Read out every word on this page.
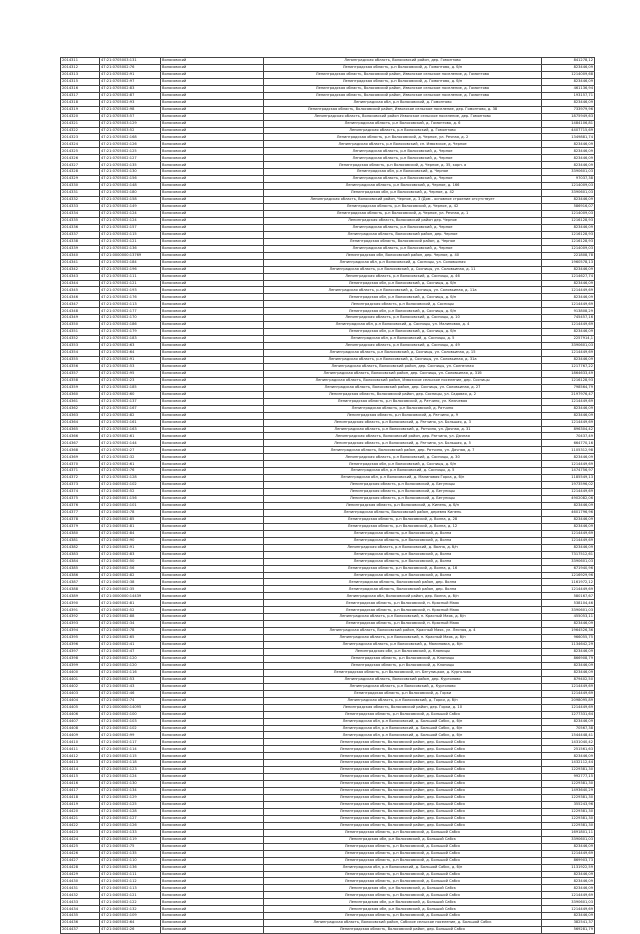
2014311	47:21:0705003:131	Волосовский	Ленинградская область, Волосовский район, дер. Гомонтово	841278,12
2014312	47:21:0705002:76	Волосовский	Ленинградская область, р-н Волосовский, д. Гомонтово, д. б/н	823446,09
2014313	47:21:0705002:91	Волосовский	Ленинградская область, Волосовский район, Извозское сельское поселение, д. Гомонтово	1214009,68
2014315	47:21:0705002:97	Волосовский	Ленинградская область, р-н Волосовский, д. Гомонтово, д. б/н	823446,09
2014316	47:21:0705002:83	Волосовский	Ленинградская область, Волосовский район, Извозское сельское поселение, д. Гомонтово	461136,94
2014317	47:21:0705002:87	Волосовский	Ленинградская область, Волосовский район, Извозское сельское поселение, д. Гомонтово	193157,71
2014318	47:21:0705002:93	Волосовский	Ленинградская обл, р-н Волосовский, д. Гомонтово	823446,09
2014319	47:21:0705002:98	Волосовский	Ленинградская область, Волосовский район, Извозское сельское поселение, дер. Гомонтово, д. 38	733979,96
2014320	47:21:0705003:57	Волосовский	Ленинградская область, Волосовский район Извозское сельское поселение, дер. Гомонтово	1875949,63
2014321	47:21:0705003:129	Волосовский	Ленинградская область, р-н Волосовский, д. Гомонтово, д. 6	1484106,81
2014322	47:21:0705003:52	Волосовский	Ленинградская область, р-н Волосовский, д. Гомонтово	4407715,69
2014323	47:21:0705002:168	Волосовский	Ленинградская область, р-н Волосовский, д. Черное, ул. Речная, д. 2	1349881,74
2014324	47:21:0705002:126	Волосовский	Ленинградская область, р-н Волосовский, сп. Извозское, д. Черное	823446,09
2014325	47:21:0705002:125	Волосовский	Ленинградская область, р-н Волосовский, д. Черное	823446,09
2014326	47:21:0705002:127	Волосовский	Ленинградская область, р-н Волосовский, д. Черное	823446,09
2014327	47:21:0705002:135	Волосовский	Ленинградская область, р-н Волосовский, д. Черное, д. 35, корп. а	823446,09
2014328	47:21:0705002:130	Волосовский	Ленинградская обл, р-н Волосовский, д. Черное	3390601,03
2014329	47:21:0705002:156	Волосовский	Ленинградская область, р-н Волосовский, д. Черное	97037,38
2014330	47:21:0705002:148	Волосовский	Ленинградская область, р-н Волосовский, д. Черное, д. 166	1214009,03
2014331	47:21:0705002:180	Волосовский	Ленинградская обл, р-н Волосовский, д. Черное, д. 42	3390601,03
2014332	47:21:0705002:158	Волосовский	Ленинградская область, Волосовский район, Черное, д. 3 (Дом - основное строение отсутствует	823446,09
2014333	47:21:0705002:149	Волосовский	Ленинградская область, р-н Волосовский, д. Черное, д. 42	586916,07
2014334	47:21:0705002:124	Волосовский	Ленинградская область, р-н Волосовский, д. Черное, ул. Речная, д. 1	1214009,03
2014335	47:21:0705002:124	Волосовский	Ленинградская область, Волосовский район дер. Черное	1216128,93
2014336	47:21:0705002:157	Волосовский	Ленинградская область, р-н Волосовский, д. Черное	823446,09
2014337	47:21:0705002:115	Волосовский	Ленинградская область, Волосовский район, дер. Черное	1216128,93
2014338	47:21:0705002:121	Волосовский	Ленинградская область, Волосовский район, д. Черное	1216128,93
2014339	47:21:0705002:136	Волосовский	Ленинградская область, р-н Волосовский, д. Черное	1214009,03
2014340	47:21:0000000:13769	Волосовский	Ленинградская обл, Волосовский район, дер. Черное, д. 40	221808,78
2014341	47:21:0705002:184	Волосовский	Ленинградская обл, р-н Волосовский, д. Сосницы, ул. Соловьиная	1960578,13
2014342	47:21:0705002:196	Волосовский	Ленинградская область, р-н Волосовский, д. Сосницы, ул. Соловьиная, д. 11	823446,09
2014343	47:21:0705002:111	Волосовский	Ленинградская область, р-н Волосовский, д. Сосницы, д. 46	1214627,74
2014344	47:21:0705002:121	Волосовский	Ленинградская обл, р-н Волосовский, д. Сосницы, д. б/н	823446,09
2014345	47:21:0705002:193	Волосовский	Ленинградская область, р-н Волосовский, д. Сосницы, ул. Соловьиная, д. 11а	1214449,69
2014346	47:21:0705002:176	Волосовский	Ленинградская обл, р-н Волосовский, д. Сосницы, д. б/н	823446,09
2014347	47:21:0705002:113	Волосовский	Ленинградская область, р-н Волосовский, д. Сосницы	1214449,69
2014348	47:21:0705002:177	Волосовский	Ленинградская обл, р-н Волосовский, д. Сосницы, д. б/н	913808,29
2014349	47:21:0705002:170	Волосовский	Ленинградская область, р-н Волосовский, д. Сосницы, д. 10	745457,16
2014350	47:21:0705002:186	Волосовский	Ленинградская обл, р-н Волосовский, д. Сосницы, ул. Малиновая, д. 4	1214449,69
2014351	47:21:0705002:179	Волосовский	Ленинградская обл, р-н Волосовский, д. Сосницы, д. б/н	823446,09
2014352	47:21:0705002:183	Волосовский	Ленинградская обл, р-н Волосовский, д. Сосницы, д. 5	2257914,1
2014353	47:21:0705002:63	Волосовский	Ленинградская область, р-н Волосовский, д. Сосницы, д. 49	3390601,03
2014354	47:21:0705002:64	Волосовский	Ленинградская область, р-н Волосовский, д. Сосницы, ул. Соловьиная, д. 15	1214449,69
2014355	47:21:0705002:91	Волосовский	Ленинградская область, р-н Волосовский, д. Сосницы, ул. Соловьиная, д. 31а	823446,09
2014356	47:21:0705002:53	Волосовский	Ленинградская область, Волосовский район, дер. Сосницы, ул. Солнечная	1217767,22
2014357	47:21:0705002:95	Волосовский	Ленинградская область, Волосовский район, дер. Сосницы, ул. Соловьиная, д. 31б	1864633,49
2014358	47:21:0705002:23	Волосовский	Ленинградская область, Волосовский район, Извозское сельское поселение, дер. Сосницы	1216128,93
2014359	47:21:0705002:185	Волосовский	Ленинградская область, Волосовский район, дер. Сосницы, ул. Соловьиная, д. 27	798564,79
2014360	47:21:0705002:60	Волосовский	Ленинградская область, Волосовский район, дер. Сосницы, ул. Садовая, д. 2	2197976,47
2014361	47:21:0705002:137	Волосовский	Ленинградская область, р-н Волосовский, д. Ратчино, ул. Ключевая	1214449,69
2014362	47:21:0705002:167	Волосовский	Ленинградская область, р-н Волосовский, д. Ратчино	823446,09
2014363	47:21:0705002:82	Волосовский	Ленинградская область, р-н Волосовский, д. Ратчино, д. 9	823446,09
2014364	47:21:0705002:161	Волосовский	Ленинградская область, р-н Волосовский, д. Ратчино, ул. Большая, д. 3	1214449,69
2014365	47:21:0705002:163	Волосовский	Ленинградская область, р-н Волосовский, д. Ратчино, ул. Дачная, д. 31	896304,42
2014366	47:21:0705002:61	Волосовский	Ленинградская область, Волосовский район, дер. Ратчино, ул. Дачная	70437,49
2014367	47:21:0705002:144	Волосовский	Ленинградская область, р-н Волосовский, д. Ратчино, ул. Большая, д. 5	664770,16
2014368	47:21:0705002:27	Волосовский	Ленинградская область, Волосовский район, дер. Ратчино, ул. Дачная, д. 7	1105312,98
2014369	47:21:0705002:32	Волосовский	Ленинградская область, р-н Волосовский, д. Сосницы, д. 30	823446,09
2014370	47:21:0705002:61	Волосовский	Ленинградская обл, р-н Волосовский, д. Сосницы, д. б/н	1214449,69
2014371	47:21:0705002:76	Волосовский	Ленинградская обл, р-н Волосовский, д. Сосницы, д. 5	1474756,97
2014372	47:21:0705002:128	Волосовский	Ленинградская обл, р-н Волосовский, д. Малиновая Горка, д. б/н	1185549,13
2014373	47:21:0405002:102	Волосовский	Ленинградская область, р-н Волосовский, д. Бегуницы	1973596,02
2014374	47:21:0405002:52	Волосовский	Ленинградская область, р-н Волосовский, д. Бегуницы	1214449,69
2014375	47:21:0405001:156	Волосовский	Ленинградская область, р-н Волосовский, д. Бегуницы	4902082,06
2014376	47:21:0405002:101	Волосовский	Ленинградская область, р-н Волосовский, д. Кипень, д. б/н	823446,09
2014377	47:21:0405002:78	Волосовский	Ленинградская область, Волосовский район, деревня Кипень	4601796,96
2014378	47:21:0405002:85	Волосовский	Ленинградская область, р-н Волосовский, д. Волна, д. 28	823446,09
2014379	47:21:0405002:81	Волосовский	Ленинградская область, р-н Волосовский, д. Волна, д. 12	823446,09
2014380	47:21:0405002:84	Волосовский	Ленинградская область, р-н Волосовский, д. Волна	1214449,69
2014381	47:21:0405002:90	Волосовский	Ленинградская область, р-н Волосовский, д. Волна	1214449,69
2014382	47:21:0405002:91	Волосовский	Ленинградская область, р-н Волосовский, д. Волна, д. б/н	823446,09
2014383	47:21:0405002:83	Волосовский	Ленинградская область, р-н Волосовский, д. Волна	7317512,61
2014384	47:21:0405002:50	Волосовский	Ленинградская область, р-н Волосовский, д. Волна	3390601,03
2014385	47:21:0405002:56	Волосовский	Ленинградская область, р-н Волосовский, д. Волна, д. 16	671940,96
2014386	47:21:0405002:82	Волосовский	Ленинградская область, р-н Волосовский, д. Волна	1216929,96
2014387	47:21:0405002:38	Волосовский	Ленинградская область, Волосовский район, дер. Волна	1161972,12
2014388	47:21:0405002:35	Волосовский	Ленинградская область, Волосовский район, дер. Волна	1214449,69
2014389	47:21:0000000:14439	Волосовский	Ленинградская обл, Волосовский район, дер. Волна, д. б/н	580167,67
2014390	47:21:0405002:81	Волосовский	Ленинградская область, р-н Волосовский, п. Красный Маяк	538104,46
2014391	47:21:0405002:52	Волосовский	Ленинградская область, р-н Волосовский, п. Красный Маяк	3390601,03
2014392	47:21:0405002:88	Волосовский	Ленинградская область, р-н Волосовский, п. Красный Маяк, д. б/н	455053,11
2014393	47:21:0405002:34	Волосовский	Ленинградская область, р-н Волосовский, п. Красный Маяк	823446,09
2014394	47:21:0405002:78	Волосовский	Ленинградская область, Волосовский район, Красный Маяк, ул. Лесная, д. 4	1964526,36
2014395	47:21:0405002:65	Волосовский	Ленинградская область, р-н Волосовский, п. Красный Маяк, д. б/н	966055,75
2014396	47:21:0405002:41	Волосовский	Ленинградская область, р-н Волосовский, д. Малиновка, д. б/н	1134642,29
2014397	47:21:0405002:47	Волосовский	Ленинградская обл, р-н Волосовский, д. Клопицы	823446,09
2014398	47:21:0405002:120	Волосовский	Ленинградская область, р-н Волосовский, д. Клопицы	866908,79
2014399	47:21:0405002:120	Волосовский	Ленинградская область, р-н Волосовский, д. Клопицы	823446,09
2014400	47:21:0405002:116	Волосовский	Ленинградская область, р-н Волосовский, сп. Бегуницкое, д. Курголово	823446,09
2014401	47:21:0405002:53	Волосовский	Ленинградская область, Волосовский район, дер. Курголово	879402,50
2014402	47:21:0405002:43	Волосовский	Ленинградская область, р-н Волосовский, д. Курголово	1214449,69
2014403	47:21:0405002:46	Волосовский	Ленинградская область, р-н Волосовский, д. Горки	1214449,69
2014404	47:21:0405002:74	Волосовский	Ленинградская область, р-н Волосовский, д. Горки, д. б/н	2098095,89
2014405	47:21:0000000:14095	Волосовский	Ленинградская область, Волосовский район, дер. Горки, д. 10	1214449,69
2014406	47:21:0405002:100	Волосовский	Ленинградская область, р-н Волосовский, д. Большой Сабск	1277331,64
2014407	47:21:0405002:103	Волосовский	Ленинградская обл, р-н Волосовский, д. Большой Сабск, д. б/н	823446,09
2014408	47:21:0405002:102	Волосовский	Ленинградская обл, р-н Волосовский, д. Большой Сабск, д. б/н	70567,38
2014409	47:21:0405002:99	Волосовский	Ленинградская обл, р-н Волосовский, д. Большой Сабск, д. б/н	1544448,41
2014410	47:21:0405002:117	Волосовский	Ленинградская область, Волосовский район, дер. Большой Сабск	1431040,42
2014411	47:21:0405002:114	Волосовский	Ленинградская область, Волосовский район, дер. Большой Сабск	251561,63
2014412	47:21:0405002:115	Волосовский	Ленинградская область, Волосовский район, дер. Большой Сабск	823446,09
2014413	47:21:0405002:118	Волосовский	Ленинградская область, Волосовский район, дер. Большой Сабск	1432112,44
2014414	47:21:0405002:123	Волосовский	Ленинградская область, Волосовский район, дер. Большой Сабск	1229381,30
2014415	47:21:0405002:124	Волосовский	Ленинградская область, Волосовский район, дер. Большой Сабск	992777,15
2014416	47:21:0405002:130	Волосовский	Ленинградская область, Волосовский район, дер. Большой Сабск	1229381,30
2014417	47:21:0405002:134	Волосовский	Ленинградская область, Волосовский район, дер. Большой Сабск	1493640,29
2014418	47:21:0405002:129	Волосовский	Ленинградская область, Волосовский район, дер. Большой Сабск	1229381,30
2014419	47:21:0405002:125	Волосовский	Ленинградская область, Волосовский район, дер. Большой Сабск	355243,96
2014420	47:21:0405002:128	Волосовский	Ленинградская область, Волосовский район, дер. Большой Сабск	1229381,30
2014421	47:21:0405002:127	Волосовский	Ленинградская область, Волосовский район, дер. Большой Сабск	1229381,30
2014422	47:21:0405002:126	Волосовский	Ленинградская область, Волосовский район, дер. Большой Сабск	1229381,30
2014423	47:21:0405002:133	Волосовский	Ленинградская область, р-н Волосовский, д. Большой Сабск	1691801,11
2014424	47:21:0405002:119	Волосовский	Ленинградская обл, р-н Волосовский, д. Большой Сабск	3390601,03
2014425	47:21:0405002:75	Волосовский	Ленинградская область, р-н Волосовский, д. Большой Сабск	823446,09
2014426	47:21:0405002:135	Волосовский	Ленинградская область, р-н Волосовский, д. Большой Сабск	1214449,69
2014427	47:21:0405002:110	Волосовский	Ленинградская область, р-н Волосовский, д. Большой Сабск	869903,73
2014428	47:21:0405002:136	Волосовский	Ленинградская обл, р-н Волосовский, д. Большой Сабск, д. б/н	1131922,59
2014429	47:21:0405002:111	Волосовский	Ленинградская область, р-н Волосовский, д. Большой Сабск	823446,09
2014430	47:21:0405002:112	Волосовский	Ленинградская область, р-н Волосовский, д. Большой Сабск	823446,09
2014431	47:21:0405002:113	Волосовский	Ленинградская обл, р-н Волосовский, д. Большой Сабск	823446,09
2014432	47:21:0405002:121	Волосовский	Ленинградская область, р-н Волосовский, д. Большой Сабск	1214449,69
2014433	47:21:0405002:122	Волосовский	Ленинградская обл, р-н Волосовский, д. Большой Сабск	3390601,03
2014434	47:21:0405002:132	Волосовский	Ленинградская обл, р-н Волосовский, д. Большой Сабск	1214449,69
2014435	47:21:0405002:109	Волосовский	Ленинградская область, р-н Волосовский, д. Большой Сабск	823446,09
2014436	47:21:0405002:64	Волосовский	Ленинградская область, Волосовский район, Сабское сельское поселение, д. Большой Сабск	382541,37
2014437	47:21:0405002:26	Волосовский	Ленинградская область, Волосовский район, дер. Большой Сабск	569281,79
